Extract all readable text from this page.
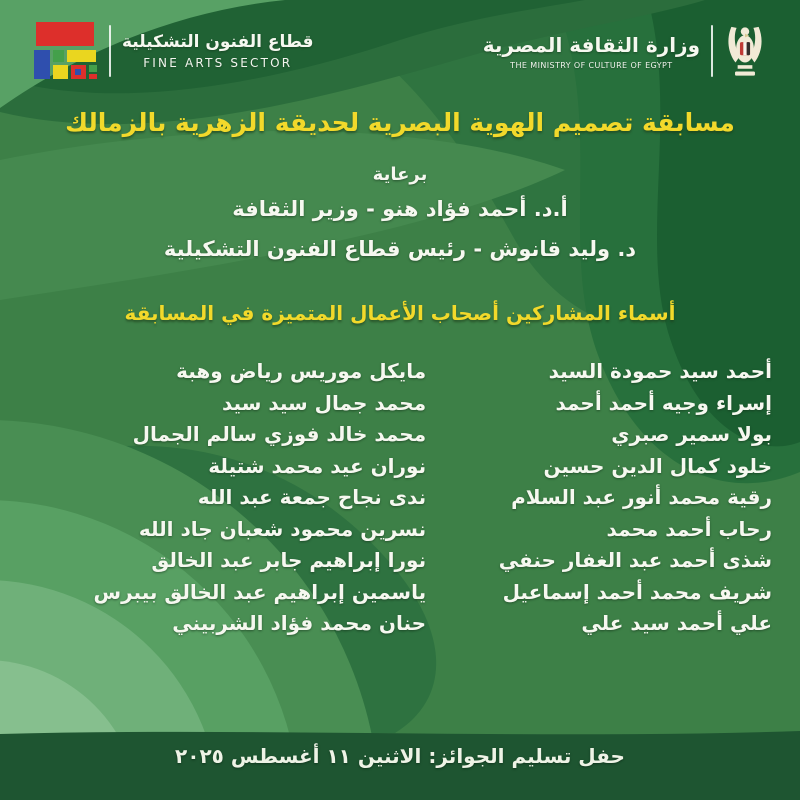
قطاع الفنون التشكيلية
FINE ARTS SECTOR
وزارة الثقافة المصرية
THE MINISTRY OF CULTURE OF EGYPT
مسابقة تصميم الهوية البصرية لحديقة الزهرية بالزمالك
برعاية
أ.د. أحمد فؤاد هنو - وزير الثقافة
د. وليد قانوش - رئيس قطاع الفنون التشكيلية
أسماء المشاركين أصحاب الأعمال المتميزة في المسابقة
أحمد سيد حمودة السيد
إسراء وجيه أحمد أحمد
بولا سمير صبري
خلود كمال الدين حسين
رقية محمد أنور عبد السلام
رحاب أحمد محمد
شذى أحمد عبد الغفار حنفي
شريف محمد أحمد إسماعيل
علي أحمد سيد علي
مايكل موريس رياض وهبة
محمد جمال سيد سيد
محمد خالد فوزي سالم الجمال
نوران عيد محمد شتيلة
ندى نجاح جمعة عبد الله
نسرين محمود شعبان جاد الله
نورا إبراهيم جابر عبد الخالق
ياسمين إبراهيم عبد الخالق بيبرس
حنان محمد فؤاد الشربيني
حفل تسليم الجوائز: الاثنين ١١ أغسطس ٢٠٢٥
